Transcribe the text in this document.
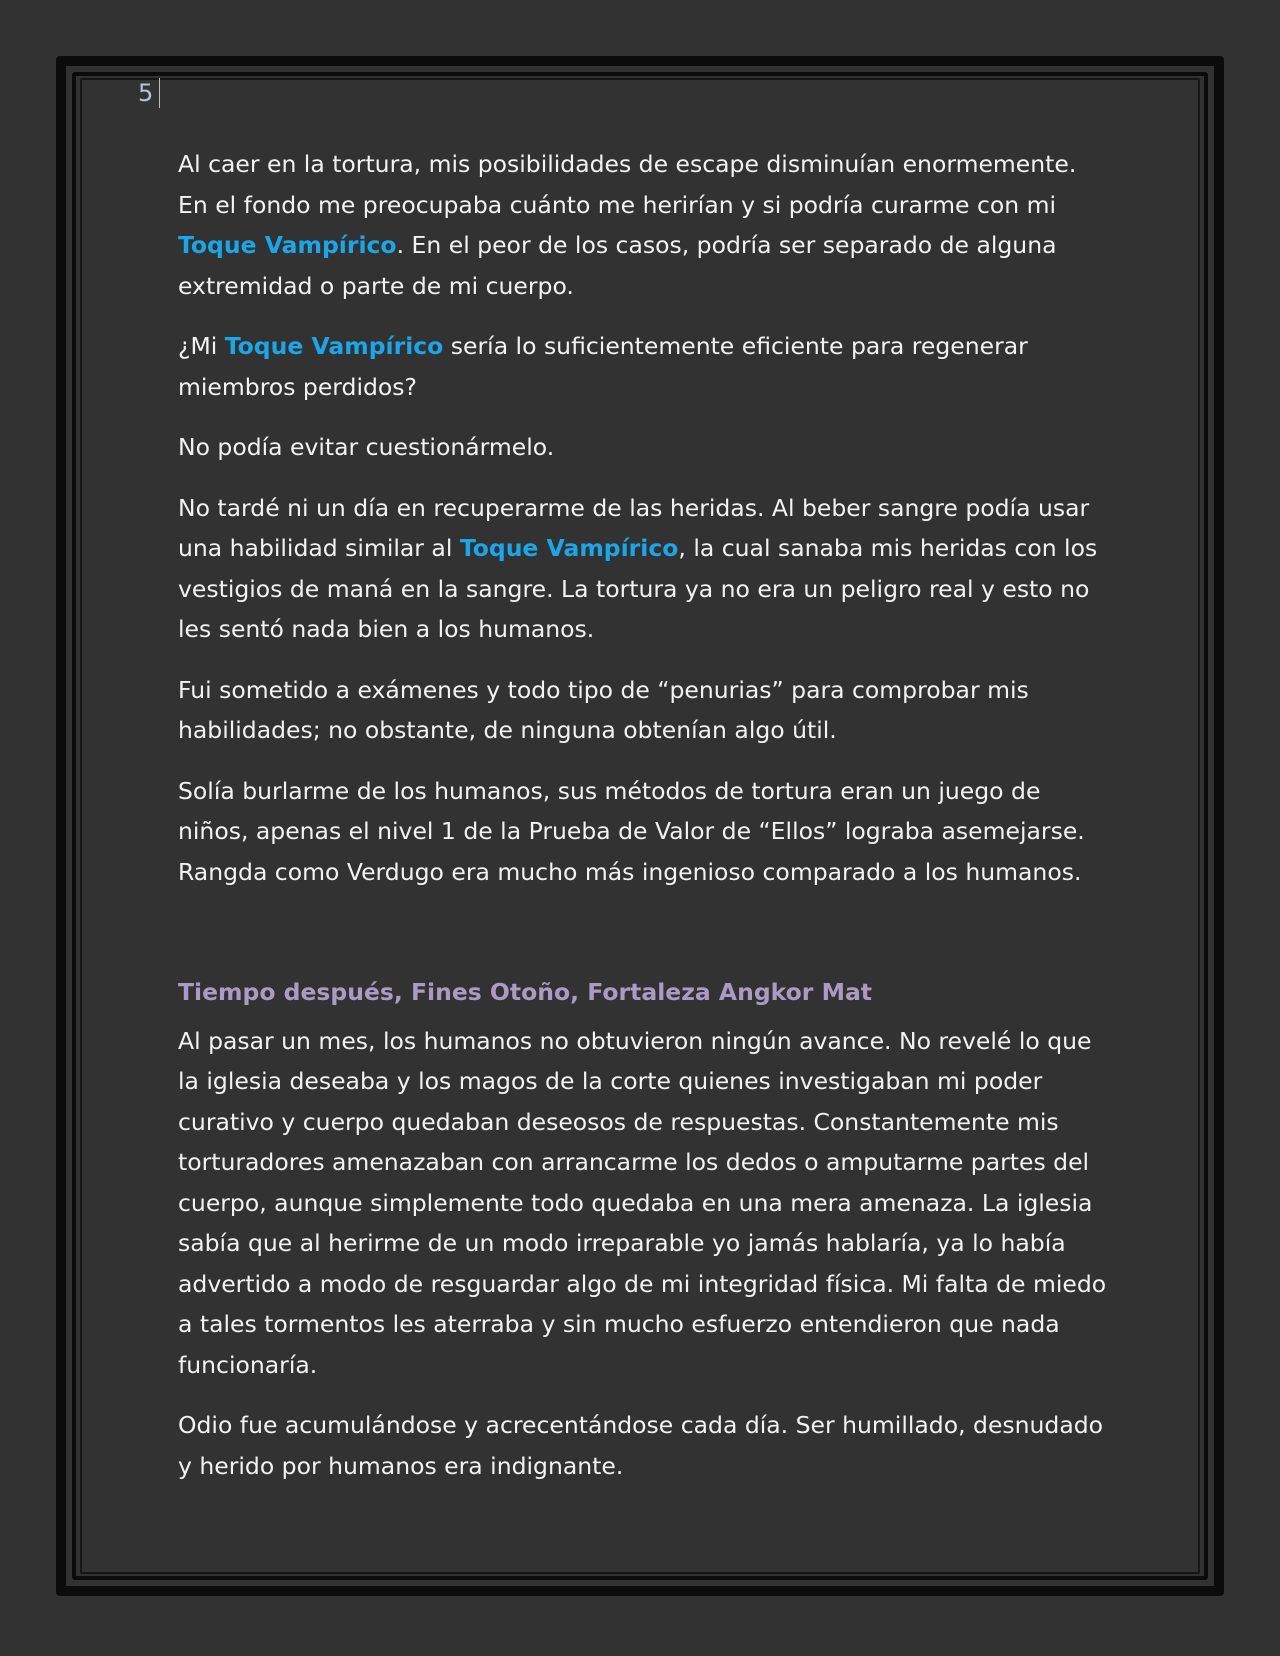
5

Al caer en la tortura, mis posibilidades de escape disminuían enormemente. En el fondo me preocupaba cuánto me herirían y si podría curarme con mi Toque Vampírico. En el peor de los casos, podría ser separado de alguna extremidad o parte de mi cuerpo.

¿Mi Toque Vampírico sería lo suficientemente eficiente para regenerar miembros perdidos?

No podía evitar cuestionármelo.

No tardé ni un día en recuperarme de las heridas. Al beber sangre podía usar una habilidad similar al Toque Vampírico, la cual sanaba mis heridas con los vestigios de maná en la sangre. La tortura ya no era un peligro real y esto no les sentó nada bien a los humanos.

Fui sometido a exámenes y todo tipo de “penurias” para comprobar mis habilidades; no obstante, de ninguna obtenían algo útil.

Solía burlarme de los humanos, sus métodos de tortura eran un juego de niños, apenas el nivel 1 de la Prueba de Valor de “Ellos” lograba asemejarse. Rangda como Verdugo era mucho más ingenioso comparado a los humanos.

Tiempo después, Fines Otoño, Fortaleza Angkor Mat

Al pasar un mes, los humanos no obtuvieron ningún avance. No revelé lo que la iglesia deseaba y los magos de la corte quienes investigaban mi poder curativo y cuerpo quedaban deseosos de respuestas. Constantemente mis torturadores amenazaban con arrancarme los dedos o amputarme partes del cuerpo, aunque simplemente todo quedaba en una mera amenaza. La iglesia sabía que al herirme de un modo irreparable yo jamás hablaría, ya lo había advertido a modo de resguardar algo de mi integridad física. Mi falta de miedo a tales tormentos les aterraba y sin mucho esfuerzo entendieron que nada funcionaría.

Odio fue acumulándose y acrecentándose cada día. Ser humillado, desnudado y herido por humanos era indignante.
